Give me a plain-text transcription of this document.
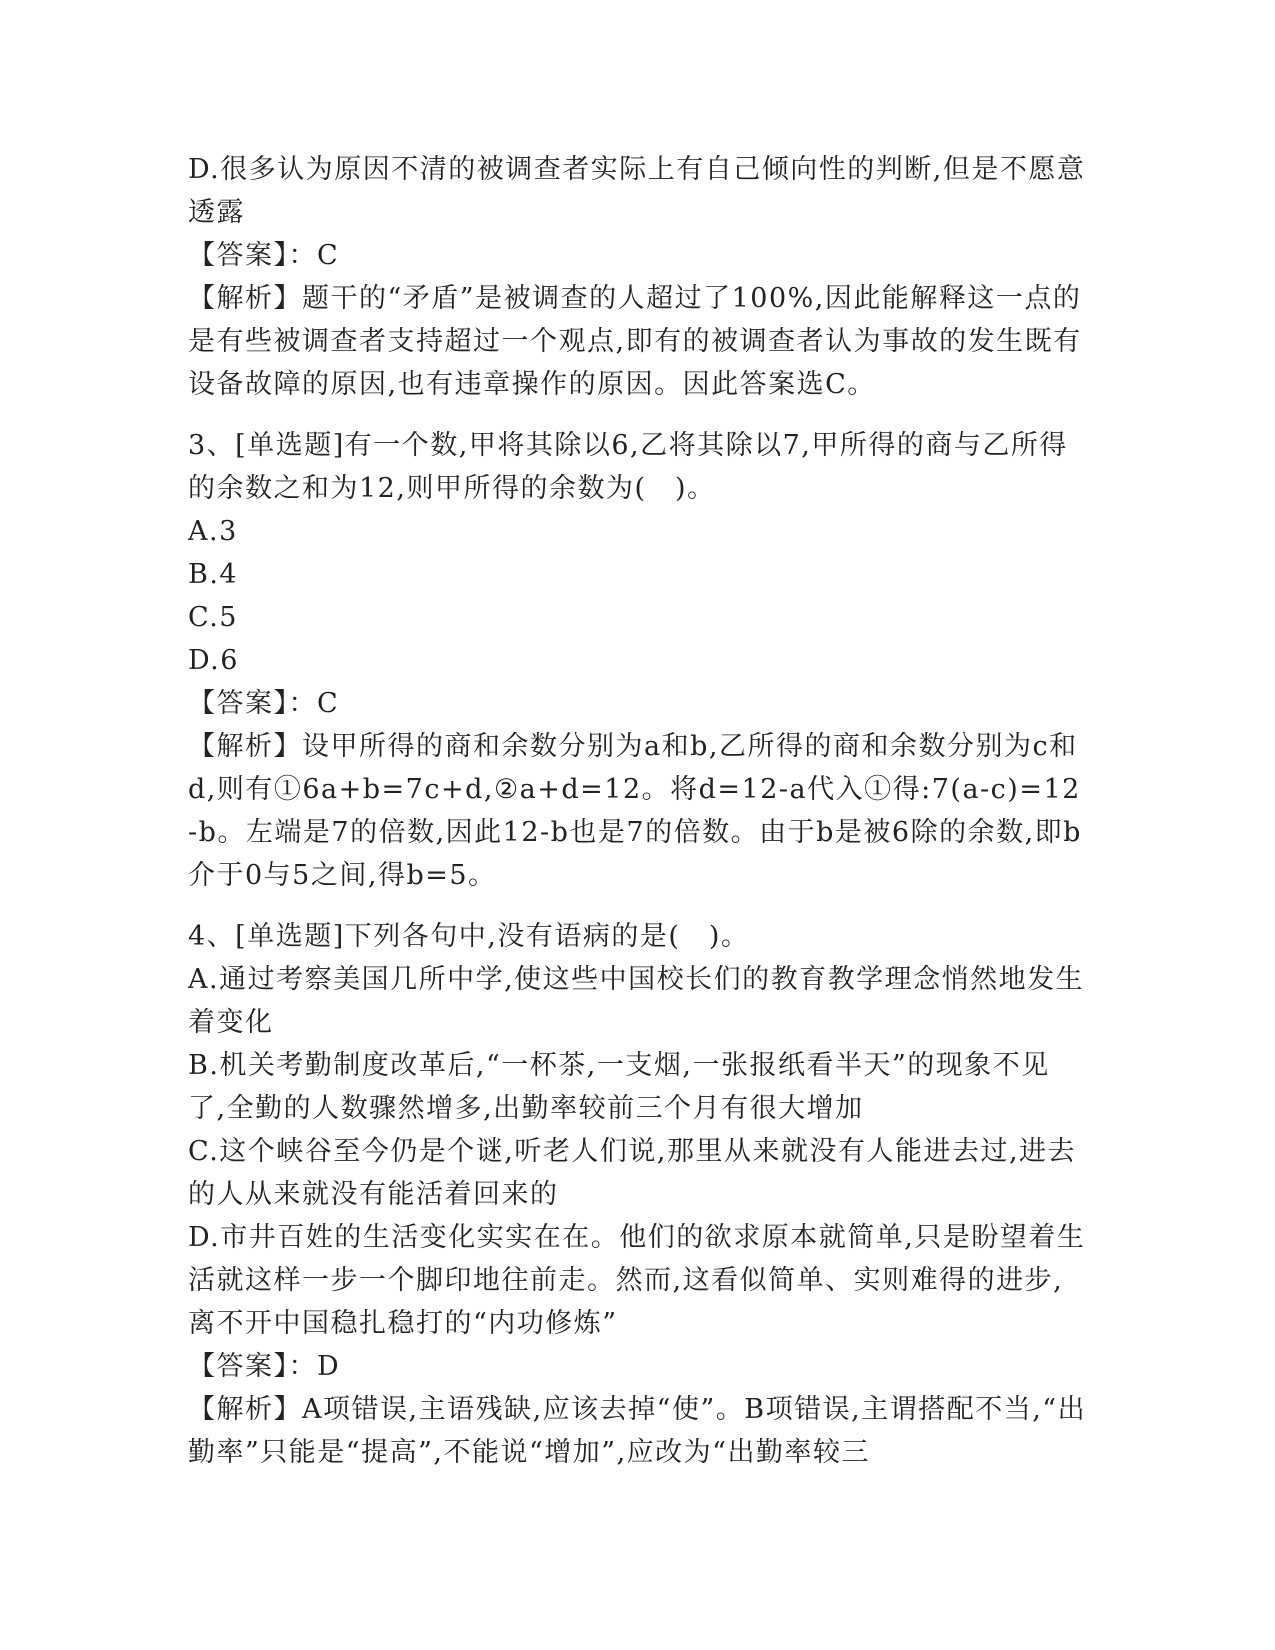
D.很多认为原因不清的被调查者实际上有自己倾向性的判断,但是不愿意透露

【答案】：C

【解析】题干的“矛盾”是被调查的人超过了100%,因此能解释这一点的是有些被调查者支持超过一个观点,即有的被调查者认为事故的发生既有设备故障的原因,也有违章操作的原因。因此答案选C。

3、[单选题]有一个数,甲将其除以6,乙将其除以7,甲所得的商与乙所得的余数之和为12,则甲所得的余数为(　)。

A.3

B.4

C.5

D.6

【答案】：C

【解析】设甲所得的商和余数分别为a和b,乙所得的商和余数分别为c和d,则有①6a+b=7c+d,②a+d=12。将d=12-a代入①得:7(a-c)=12-b。左端是7的倍数,因此12-b也是7的倍数。由于b是被6除的余数,即b介于0与5之间,得b=5。

4、[单选题]下列各句中,没有语病的是(　)。

A.通过考察美国几所中学,使这些中国校长们的教育教学理念悄然地发生着变化

B.机关考勤制度改革后,“一杯茶,一支烟,一张报纸看半天”的现象不见了,全勤的人数骤然增多,出勤率较前三个月有很大增加

C.这个峡谷至今仍是个谜,听老人们说,那里从来就没有人能进去过,进去的人从来就没有能活着回来的

D.市井百姓的生活变化实实在在。他们的欲求原本就简单,只是盼望着生活就这样一步一个脚印地往前走。然而,这看似简单、实则难得的进步,离不开中国稳扎稳打的“内功修炼”

【答案】：D

【解析】A项错误,主语残缺,应该去掉“使”。B项错误,主谓搭配不当,“出勤率”只能是“提高”,不能说“增加”,应改为“出勤率较三
